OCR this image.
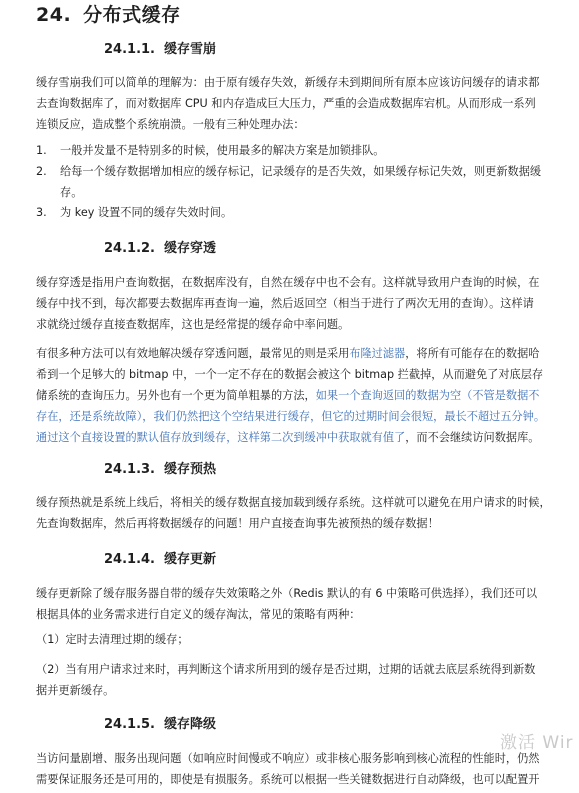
24. 分布式缓存
24.1.1. 缓存雪崩

缓存雪崩我们可以简单的理解为：由于原有缓存失效，新缓存未到期间所有原本应该访问缓存的请求都
去查询数据库了，而对数据库 CPU 和内存造成巨大压力，严重的会造成数据库宕机。从而形成一系列
连锁反应，造成整个系统崩溃。一般有三种处理办法：

1. 一般并发量不是特别多的时候，使用最多的解决方案是加锁排队。

2. 给每一个缓存数据增加相应的缓存标记，记录缓存的是否失效，如果缓存标记失效，则更新数据缓
存。

3. 为 key 设置不同的缓存失效时间。

24.1.2. 缓存穿透

缓存穿透是指用户查询数据，在数据库没有，自然在缓存中也不会有。这样就导致用户查询的时候，在
缓存中找不到，每次都要去数据库再查询一遍，然后返回空（相当于进行了两次无用的查询）。这样请
求就绕过缓存直接查数据库，这也是经常提的缓存命中率问题。

有很多种方法可以有效地解决缓存穿透问题，最常见的则是采用布隆过滤器，将所有可能存在的数据哈
希到一个足够大的 bitmap 中，一个一定不存在的数据会被这个 bitmap 拦截掉，从而避免了对底层存
储系统的查询压力。另外也有一个更为简单粗暴的方法，如果一个查询返回的数据为空（不管是数据不
存在，还是系统故障），我们仍然把这个空结果进行缓存，但它的过期时间会很短，最长不超过五分钟。
通过这个直接设置的默认值存放到缓存，这样第二次到缓冲中获取就有值了，而不会继续访问数据库。

24.1.3. 缓存预热

缓存预热就是系统上线后，将相关的缓存数据直接加载到缓存系统。这样就可以避免在用户请求的时候，
先查询数据库，然后再将数据缓存的问题！用户直接查询事先被预热的缓存数据！

24.1.4. 缓存更新

缓存更新除了缓存服务器自带的缓存失效策略之外（Redis 默认的有 6 中策略可供选择），我们还可以
根据具体的业务需求进行自定义的缓存淘汰，常见的策略有两种：

（1）定时去清理过期的缓存；

（2）当有用户请求过来时，再判断这个请求所用到的缓存是否过期，过期的话就去底层系统得到新数
据并更新缓存。

24.1.5. 缓存降级
当访问量剧增、服务出现问题（如响应时间慢或不响应）或非核心服务影响到核心流程的性能时，仍然
需要保证服务还是可用的，即使是有损服务。系统可以根据一些关键数据进行自动降级，也可以配置开
激活 Wir
